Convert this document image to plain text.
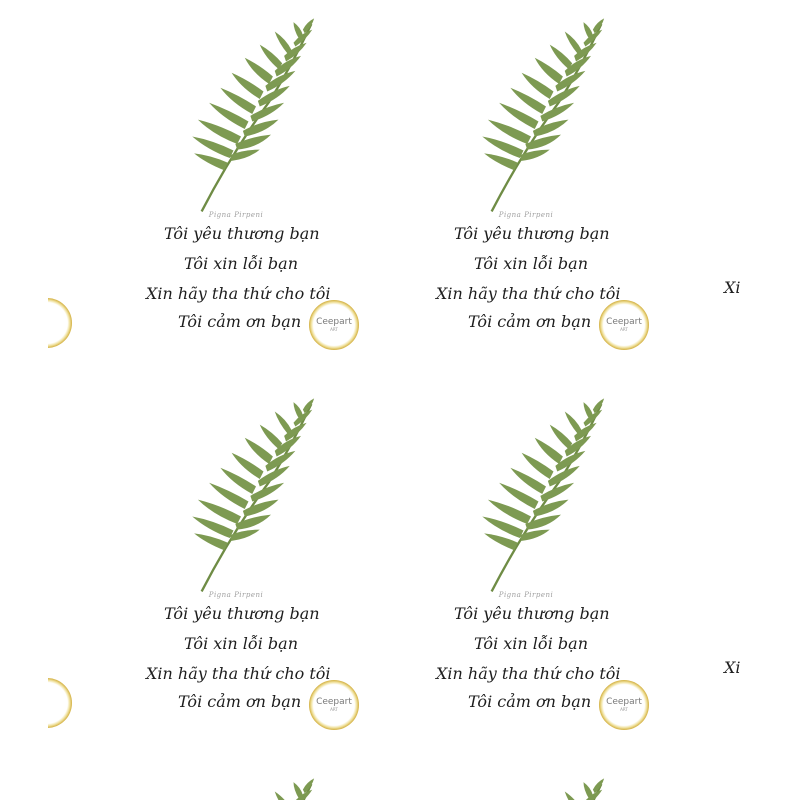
Pigna Pirpeni
Tôi yêu thương bạn
Tôi xin lỗi bạn
Xin hãy tha thứ cho tôi
Tôi cảm ơn bạn Ceepart
ART
Pigna Pirpeni
Tôi yêu thương bạn
Tôi xin lỗi bạn
Xin hãy tha thứ cho tôi
Tôi cảm ơn bạn Ceepart
ART
Pigna Pirpeni
Tôi yêu thương bạn
Tôi xin lỗi bạn
Xin hãy tha thứ cho tôi
Tôi cảm ơn bạn Ceepart
ART
Pigna Pirpeni
Tôi yêu thương bạn
Tôi xin lỗi bạn
Xin hãy tha thứ cho tôi
Tôi cảm ơn bạn Ceepart
ART
Xi
Xi
